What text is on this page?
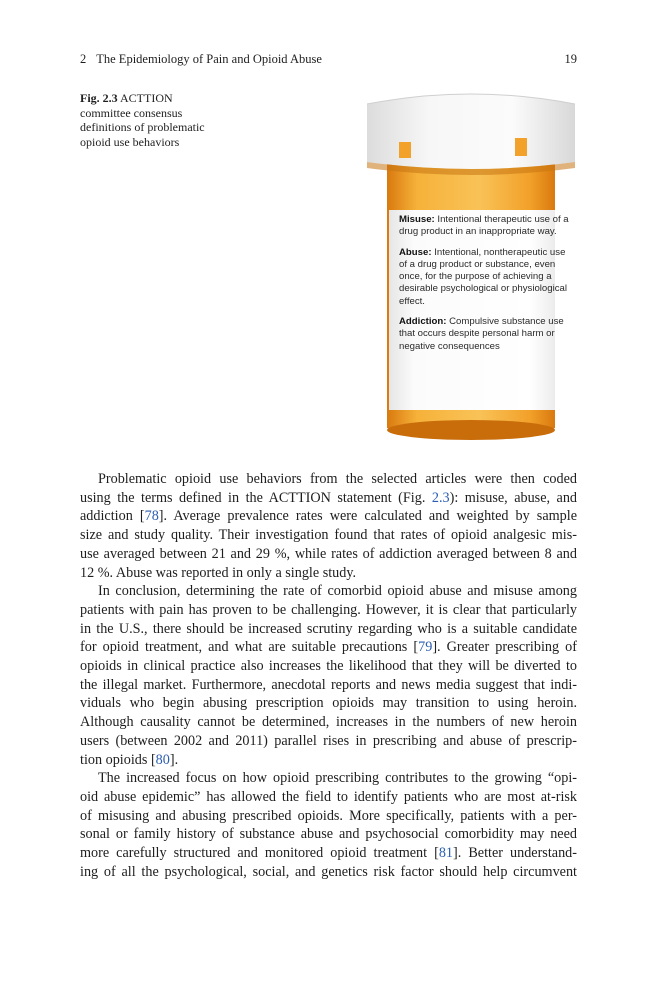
2 The Epidemiology of Pain and Opioid Abuse	19
Fig. 2.3 ACTTION
committee consensus
definitions of problematic
opioid use behaviors
Misuse: Intentional therapeutic use of a drug product in an inappropriate way.
Abuse: Intentional, nontherapeutic use of a drug product or substance, even once, for the purpose of achieving a desirable psychological or physiological effect.
Addiction: Compulsive substance use that occurs despite personal harm or negative consequences
Problematic opioid use behaviors from the selected articles were then coded
using the terms defined in the ACTTION statement (Fig. 2.3): misuse, abuse, and
addiction [78]. Average prevalence rates were calculated and weighted by sample
size and study quality. Their investigation found that rates of opioid analgesic mis-
use averaged between 21 and 29 %, while rates of addiction averaged between 8 and
12 %. Abuse was reported in only a single study.
In conclusion, determining the rate of comorbid opioid abuse and misuse among
patients with pain has proven to be challenging. However, it is clear that particularly
in the U.S., there should be increased scrutiny regarding who is a suitable candidate
for opioid treatment, and what are suitable precautions [79]. Greater prescribing of
opioids in clinical practice also increases the likelihood that they will be diverted to
the illegal market. Furthermore, anecdotal reports and news media suggest that indi-
viduals who begin abusing prescription opioids may transition to using heroin.
Although causality cannot be determined, increases in the numbers of new heroin
users (between 2002 and 2011) parallel rises in prescribing and abuse of prescrip-
tion opioids [80].
The increased focus on how opioid prescribing contributes to the growing “opi-
oid abuse epidemic” has allowed the field to identify patients who are most at-risk
of misusing and abusing prescribed opioids. More specifically, patients with a per-
sonal or family history of substance abuse and psychosocial comorbidity may need
more carefully structured and monitored opioid treatment [81]. Better understand-
ing of all the psychological, social, and genetics risk factor should help circumvent
